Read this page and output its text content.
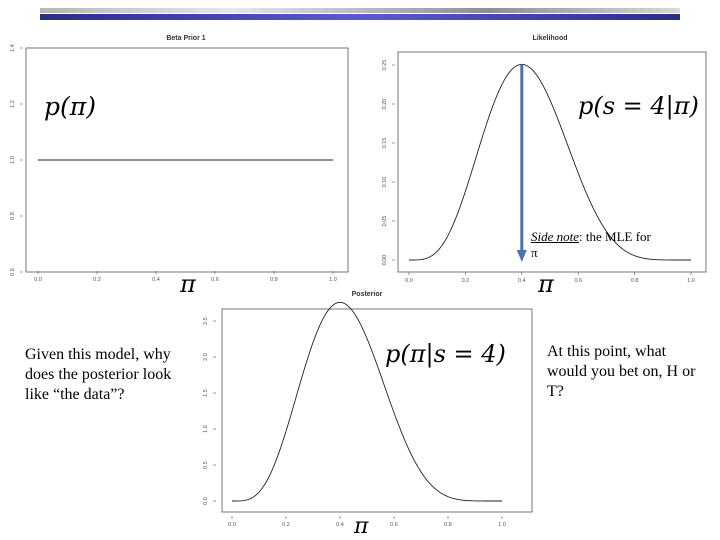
Beta Prior 1
0.0	0.2	0.4	0.6	0.8	1.0
0.6
0.8
1.0
1.2
1.4
Likelihood
0.0	0.2	0.4	0.6	0.8	1.0
0.00
0.05
0.10
0.15
0.20
0.25
Posterior
0.0	0.2	0.4	0.6	0.8	1.0
0.0
0.5
1.0
1.5
2.0
2.5
p(π)	p(s = 4|π)
p(π|s = 4)
π	π
π
Side note: the MLE for π
Given this model, why does the posterior look like “the data”?
At this point, what would you bet on, H or T?
